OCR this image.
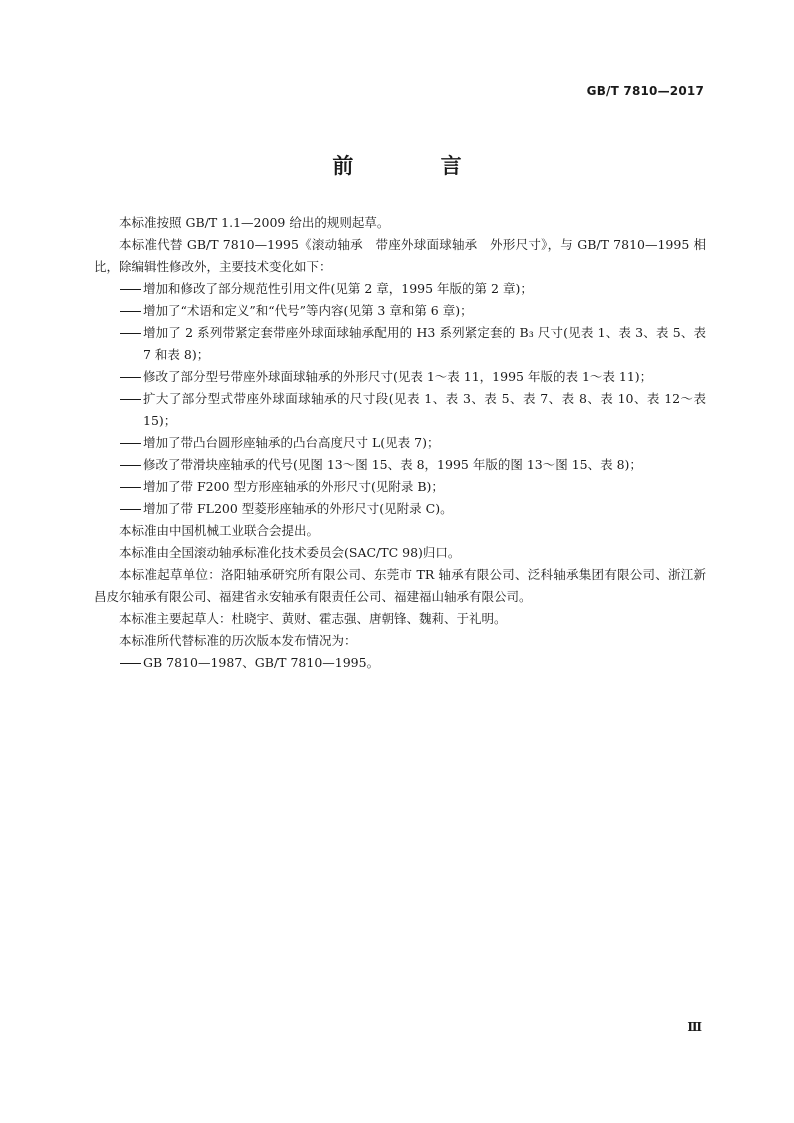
GB/T 7810—2017
前 言

本标准按照 GB/T 1.1—2009 给出的规则起草。

本标准代替 GB/T 7810—1995《滚动轴承　带座外球面球轴承　外形尺寸》，与 GB/T 7810—1995 相比，除编辑性修改外，主要技术变化如下：

增加和修改了部分规范性引用文件(见第 2 章，1995 年版的第 2 章)；
增加了“术语和定义”和“代号”等内容(见第 3 章和第 6 章)；
增加了 2 系列带紧定套带座外球面球轴承配用的 H3 系列紧定套的 B₃ 尺寸(见表 1、表 3、表 5、表 7 和表 8)；
修改了部分型号带座外球面球轴承的外形尺寸(见表 1～表 11，1995 年版的表 1～表 11)；
扩大了部分型式带座外球面球轴承的尺寸段(见表 1、表 3、表 5、表 7、表 8、表 10、表 12～表 15)；
增加了带凸台圆形座轴承的凸台高度尺寸 L(见表 7)；
修改了带滑块座轴承的代号(见图 13～图 15、表 8，1995 年版的图 13～图 15、表 8)；
增加了带 F200 型方形座轴承的外形尺寸(见附录 B)；
增加了带 FL200 型菱形座轴承的外形尺寸(见附录 C)。

本标准由中国机械工业联合会提出。

本标准由全国滚动轴承标准化技术委员会(SAC/TC 98)归口。

本标准起草单位：洛阳轴承研究所有限公司、东莞市 TR 轴承有限公司、泛科轴承集团有限公司、浙江新昌皮尔轴承有限公司、福建省永安轴承有限责任公司、福建福山轴承有限公司。

本标准主要起草人：杜晓宇、黄财、霍志强、唐朝锋、魏莉、于礼明。

本标准所代替标准的历次版本发布情况为：

GB 7810—1987、GB/T 7810—1995。
Ⅲ
